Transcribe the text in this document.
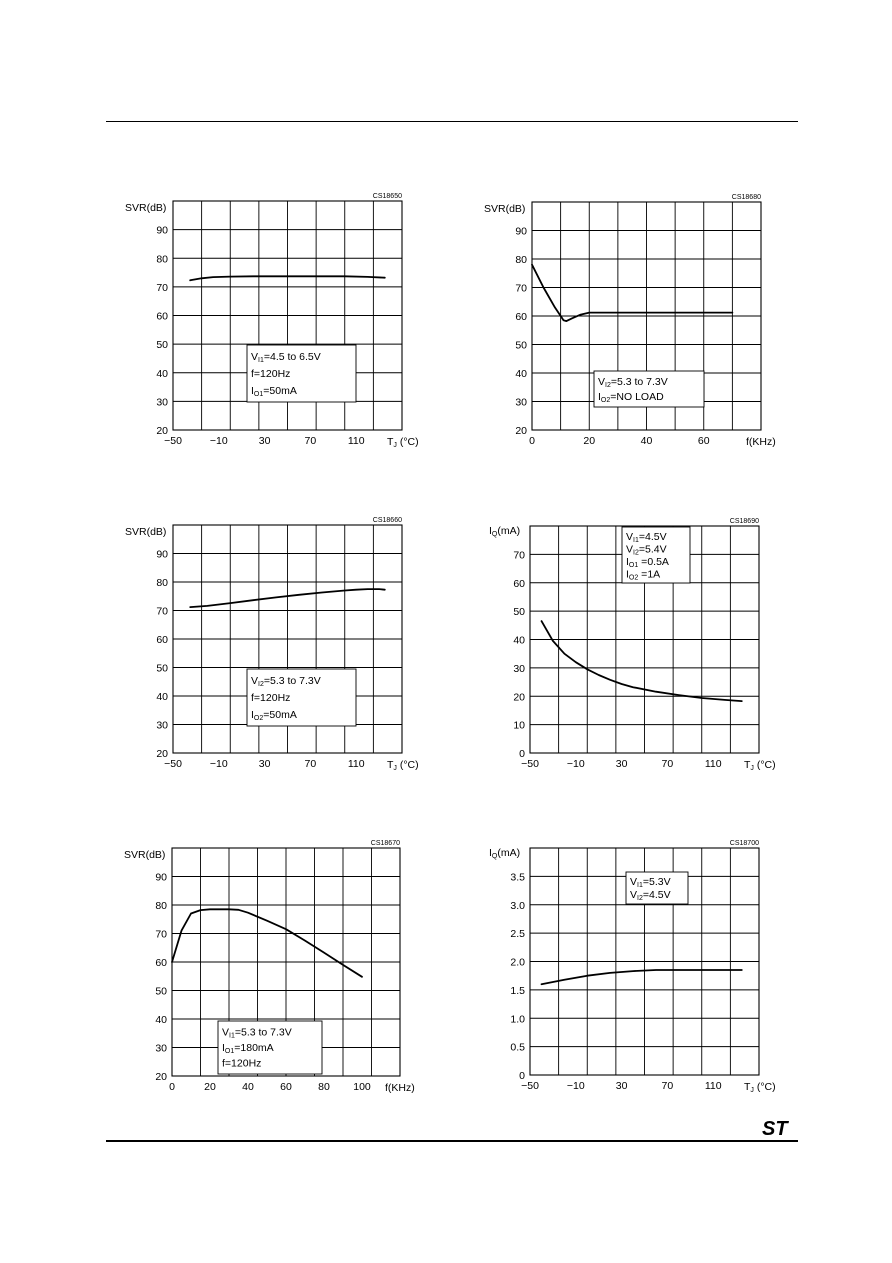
20
30
40
50
60
70
80
90
−50	−10	30	70	110
SVR(dB)
TJ (°C)
CS18650
VI1=4.5 to 6.5V
f=120Hz
IO1=50mA
20
30
40
50
60
70
80
90
0	20	40	60
SVR(dB)
f(KHz)
CS18680
VI2=5.3 to 7.3V
IO2=NO LOAD
20
30
40
50
60
70
80
90
−50	−10	30	70	110
SVR(dB)
TJ (°C)
CS18660
VI2=5.3 to 7.3V
f=120Hz
IO2=50mA
0
10
20
30
40
50
60
70
−50	−10	30	70	110
IQ(mA)
TJ (°C)
CS18690
VI1=4.5V
VI2=5.4V
IO1 =0.5A
IO2 =1A
20
30
40
50
60
70
80
90
0	20	40	60	80 100
SVR(dB)
f(KHz)
CS18670
VI1=5.3 to 7.3V
IO1=180mA
f=120Hz
0
0.5
1.0
1.5
2.0
2.5
3.0
3.5
−50	−10	30	70	110
IQ(mA)
TJ (°C)
CS18700
VI1=5.3V
VI2=4.5V
ST
